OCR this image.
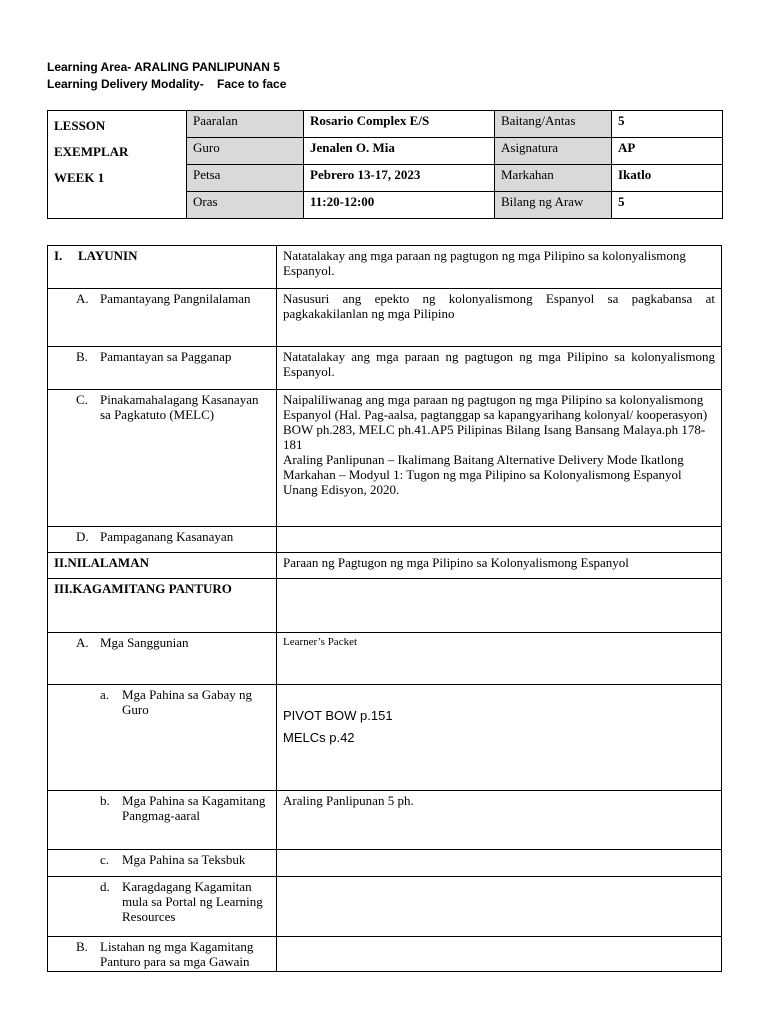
Learning Area- ARALING PANLIPUNAN 5
Learning Delivery Modality-    Face to face
LESSON
EXEMPLAR
WEEK 1	Paaralan	Rosario Complex E/S	Baitang/Antas	5
	Guro	Jenalen O. Mia	Asignatura	AP
	Petsa	Pebrero 13-17, 2023	Markahan	Ikatlo
	Oras	11:20-12:00	Bilang ng Araw	5
I. LAYUNIN	Natatalakay ang mga paraan ng pagtugon ng mga Pilipino sa kolonyalismong Espanyol.
A. Pamantayang Pangnilalaman	Nasusuri ang epekto ng kolonyalismong Espanyol sa pagkabansa at pagkakakilanlan ng mga Pilipino
B. Pamantayan sa Pagganap	Natatalakay ang mga paraan ng pagtugon ng mga Pilipino sa kolonyalismong Espanyol.
C. Pinakamahalagang Kasanayan sa Pagkatuto (MELC)	Naipaliliwanag ang mga paraan ng pagtugon ng mga Pilipino sa kolonyalismong Espanyol (Hal. Pag-aalsa, pagtanggap sa kapangyarihang kolonyal/ kooperasyon)
BOW ph.283, MELC ph.41.AP5 Pilipinas Bilang Isang Bansang Malaya.ph 178-181
Araling Panlipunan – Ikalimang Baitang Alternative Delivery Mode Ikatlong Markahan – Modyul 1: Tugon ng mga Pilipino sa Kolonyalismong Espanyol Unang Edisyon, 2020.

D. Pampaganang Kasanayan	
II.NILALAMAN	Paraan ng Pagtugon ng mga Pilipino sa Kolonyalismong Espanyol
III.KAGAMITANG PANTURO	
A. Mga Sanggunian	Learner’s Packet
a. Mga Pahina sa Gabay ng Guro	PIVOT BOW p.151
MELCs p.42

b. Mga Pahina sa Kagamitang Pangmag-aaral	Araling Panlipunan 5 ph.
c. Mga Pahina sa Teksbuk	
d. Karagdagang Kagamitan mula sa Portal ng Learning Resources	
B. Listahan ng mga Kagamitang Panturo para sa mga Gawain	
